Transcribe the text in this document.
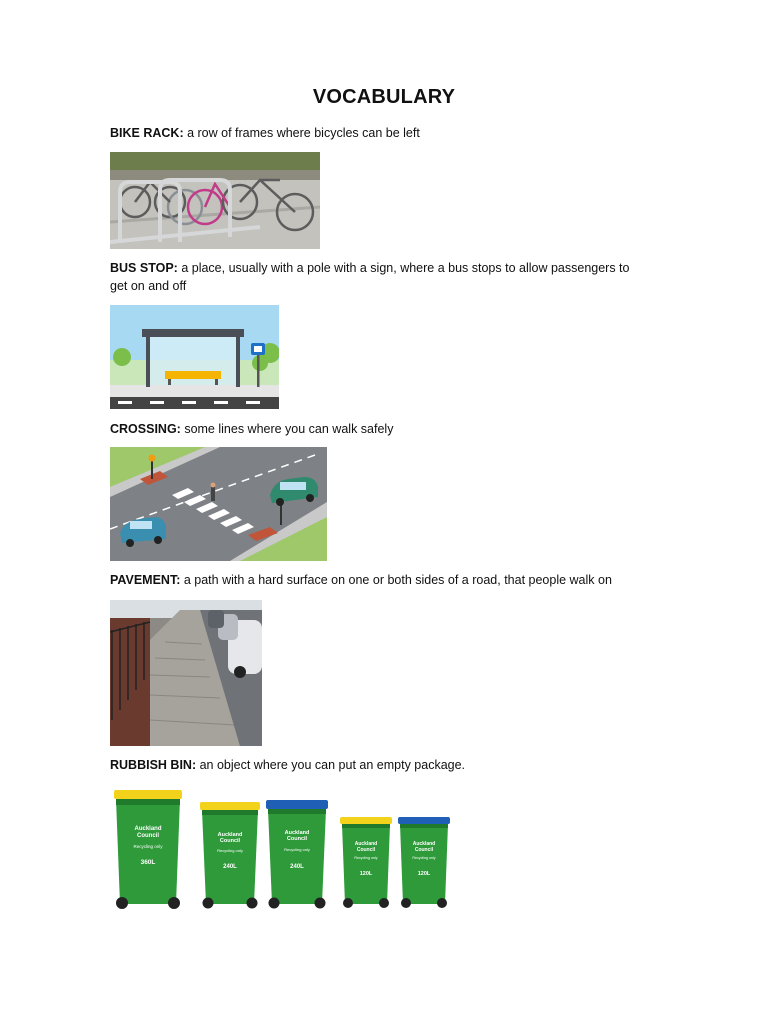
VOCABULARY

BIKE RACK: a row of frames where bicycles can be left

BUS STOP: a place, usually with a pole with a sign, where a bus stops to allow passengers to get on and off

CROSSING: some lines where you can walk safely

PAVEMENT: a path with a hard surface on one or both sides of a road, that people walk on

RUBBISH BIN: an object where you can put an empty package.

Auckland
Council
Recycling only
360L
Auckland
Council
Recycling only
240L
Auckland
Council
Recycling only
240L
Auckland
Council
Recycling only
120L
Auckland
Council
Recycling only
120L
